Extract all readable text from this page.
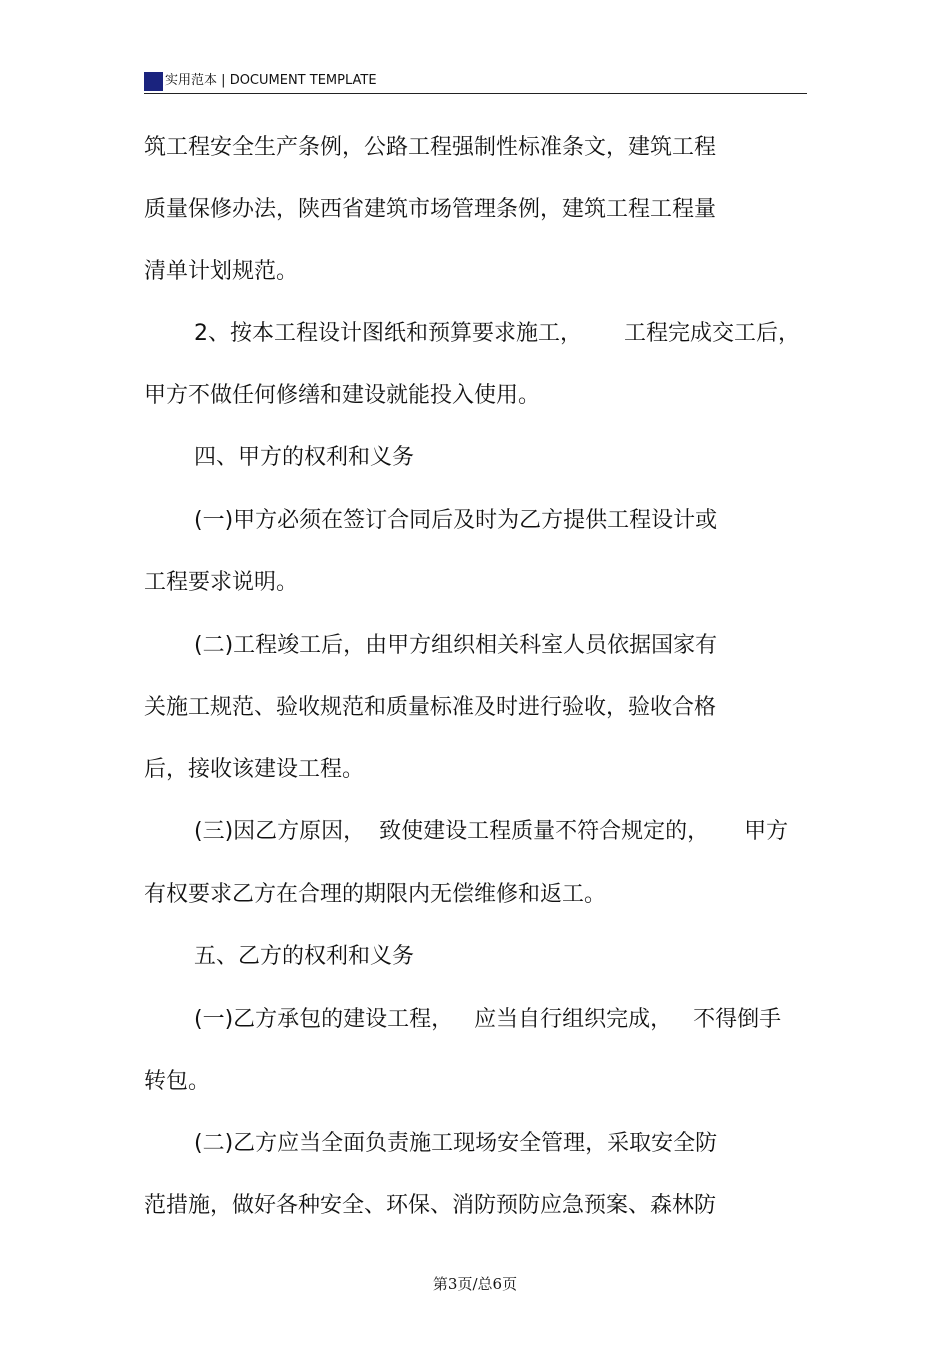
实用范本 | DOCUMENT TEMPLATE
筑工程安全生产条例，公路工程强制性标准条文，建筑工程
质量保修办法，陕西省建筑市场管理条例，建筑工程工程量
清单计划规范。
2、按本工程设计图纸和预算要求施工，      工程完成交工后，
甲方不做任何修缮和建设就能投入使用。
四、甲方的权利和义务
(一)甲方必须在签订合同后及时为乙方提供工程设计或
工程要求说明。
(二)工程竣工后，由甲方组织相关科室人员依据国家有
关施工规范、验收规范和质量标准及时进行验收，验收合格
后，接收该建设工程。
(三)因乙方原因，  致使建设工程质量不符合规定的，     甲方
有权要求乙方在合理的期限内无偿维修和返工。
五、乙方的权利和义务
(一)乙方承包的建设工程，   应当自行组织完成，   不得倒手
转包。
(二)乙方应当全面负责施工现场安全管理，采取安全防
范措施，做好各种安全、环保、消防预防应急预案、森林防
第3页/总6页
